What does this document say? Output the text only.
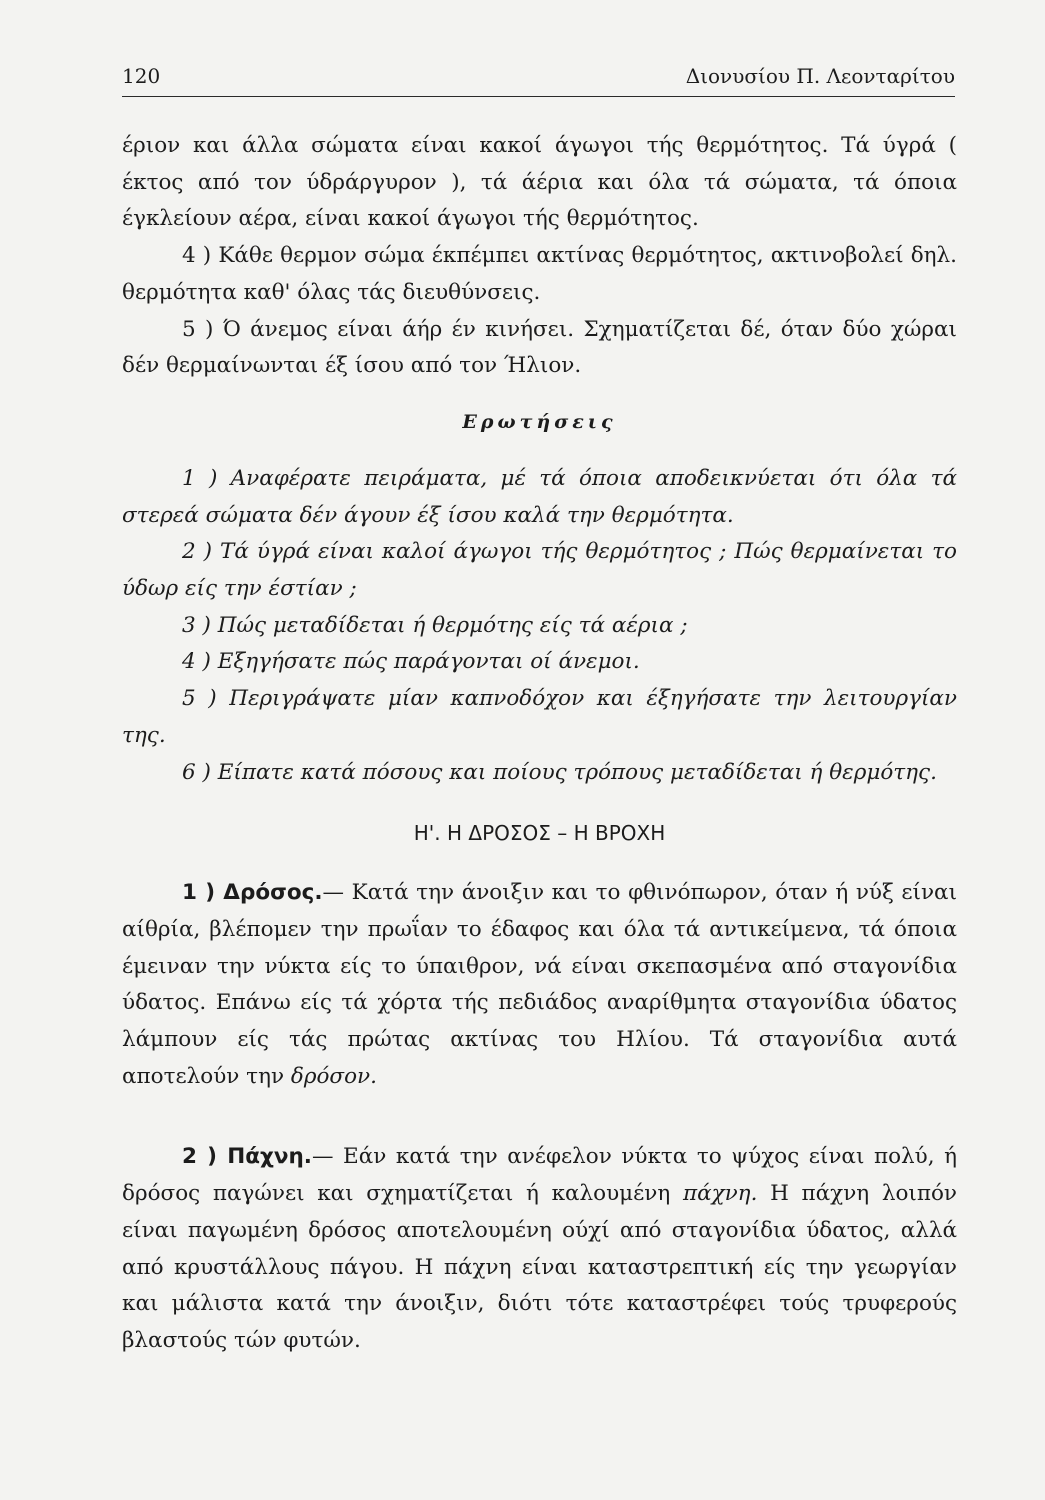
120	Διονυσίου Π. Λεονταρίτου

έριον και άλλα σώματα είναι κακοί άγωγοι τής θερμότητος. Τά ύγρά ( έκτος από τον ύδράργυρον ), τά άέρια και όλα τά σώματα, τά όποια έγκλείουν αέρα, είναι κακοί άγωγοι τής θερμότητος.

4 ) Κάθε θερμον σώμα έκπέμπει ακτίνας θερμότητος, ακτινοβολεί δηλ. θερμότητα καθ' όλας τάς διευθύνσεις.

5 ) Ό άνεμος είναι άήρ έν κινήσει. Σχηματίζεται δέ, όταν δύο χώραι δέν θερμαίνωνται έξ ίσου από τον Ήλιον.

Ερωτήσεις

1 ) Αναφέρατε πειράματα, μέ τά όποια αποδεικνύεται ότι όλα τά στερεά σώματα δέν άγουν έξ ίσου καλά την θερμότητα.

2 ) Τά ύγρά είναι καλοί άγωγοι τής θερμότητος ; Πώς θερμαίνεται το ύδωρ είς την έστίαν ;

3 ) Πώς μεταδίδεται ή θερμότης είς τά αέρια ;

4 ) Εξηγήσατε πώς παράγονται οί άνεμοι.

5 ) Περιγράψατε μίαν καπνοδόχον και έξηγήσατε την λειτουργίαν της.

6 ) Είπατε κατά πόσους και ποίους τρόπους μεταδίδεται ή θερμότης.

Η'. Η ΔΡΟΣΟΣ – Η ΒΡΟΧΗ

1 ) Δρόσος.— Κατά την άνοιξιν και το φθινόπωρον, όταν ή νύξ είναι αίθρία, βλέπομεν την πρωΐαν το έδαφος και όλα τά αντικείμενα, τά όποια έμειναν την νύκτα είς το ύπαιθρον, νά είναι σκεπασμένα από σταγονίδια ύδατος. Επάνω είς τά χόρτα τής πεδιάδος αναρίθμητα σταγονίδια ύδατος λάμπουν είς τάς πρώτας ακτίνας του Ηλίου. Τά σταγονίδια αυτά αποτελούν την δρόσον.

2 ) Πάχνη.— Εάν κατά την ανέφελον νύκτα το ψύχος είναι πολύ, ή δρόσος παγώνει και σχηματίζεται ή καλουμένη πάχνη. Η πάχνη λοιπόν είναι παγωμένη δρόσος αποτελουμένη ούχί από σταγονίδια ύδατος, αλλά από κρυστάλλους πάγου. Η πάχνη είναι καταστρεπτική είς την γεωργίαν και μάλιστα κατά την άνοιξιν, διότι τότε καταστρέφει τούς τρυφερούς βλαστούς τών φυτών.
